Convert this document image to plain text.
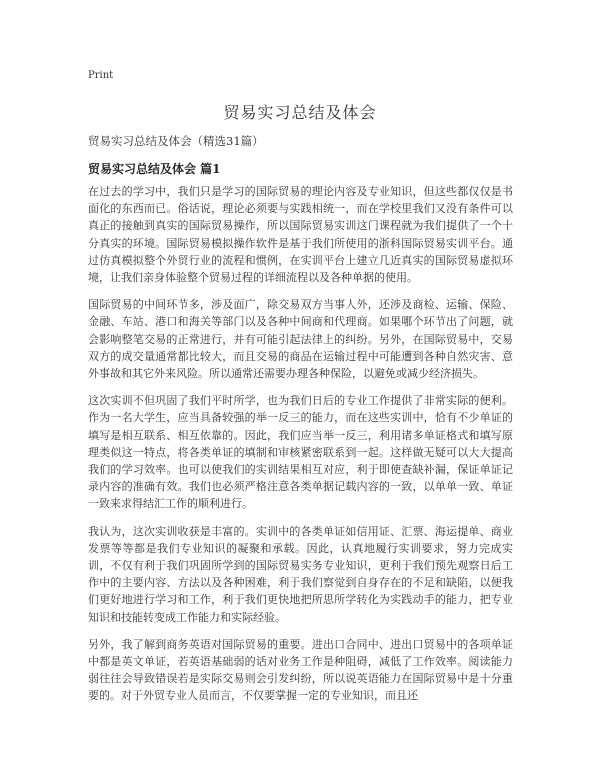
Print
贸易实习总结及体会
贸易实习总结及体会（精选31篇）
贸易实习总结及体会 篇1

在过去的学习中，我们只是学习的国际贸易的理论内容及专业知识，但这些都仅仅是书面化的东西而已。俗话说，理论必须要与实践相统一，而在学校里我们又没有条件可以真正的接触到真实的国际贸易操作，所以国际贸易实训这门课程就为我们提供了一个十分真实的环境。国际贸易模拟操作软件是基于我们所使用的浙科国际贸易实训平台。通过仿真模拟整个外贸行业的流程和惯例，在实训平台上建立几近真实的国际贸易虚拟环境，让我们亲身体验整个贸易过程的详细流程以及各种单据的使用。

国际贸易的中间环节多，涉及面广，除交易双方当事人外，还涉及商检、运输、保险、金融、车站、港口和海关等部门以及各种中间商和代理商。如果哪个环节出了问题，就会影响整笔交易的正常进行，并有可能引起法律上的纠纷。另外，在国际贸易中，交易双方的成交量通常都比较大，而且交易的商品在运输过程中可能遭到各种自然灾害、意外事故和其它外来风险。所以通常还需要办理各种保险，以避免或减少经济损失。

这次实训不但巩固了我们平时所学，也为我们日后的专业工作提供了非常实际的便利。作为一名大学生，应当具备较强的举一反三的能力，而在这些实训中，恰有不少单证的填写是相互联系、相互依靠的。因此，我们应当举一反三，利用诸多单证格式和填写原理类似这一特点，将各类单证的填制和审核紧密联系到一起。这样做无疑可以大大提高我们的学习效率。也可以使我们的实训结果相互对应，利于即使查缺补漏，保证单证记录内容的准确有效。我们也必须严格注意各类单据记载内容的一致，以单单一致、单证一致来求得结汇工作的顺利进行。

我认为，这次实训收获是丰富的。实训中的各类单证如信用证、汇票、海运提单、商业发票等等都是我们专业知识的凝聚和承载。因此，认真地履行实训要求，努力完成实训，不仅有利于我们巩固所学到的国际贸易实务专业知识，更利于我们预先观察日后工作中的主要内容、方法以及各种困难，利于我们察觉到自身存在的不足和缺陷，以便我们更好地进行学习和工作，利于我们更快地把所思所学转化为实践动手的能力，把专业知识和技能转变成工作能力和实际经验。

另外，我了解到商务英语对国际贸易的重要。进出口合同中、进出口贸易中的各项单证中都是英文单证，若英语基础弱的话对业务工作是种阻碍，减低了工作效率。阅读能力弱往往会导致错误若是实际交易则会引发纠纷，所以说英语能力在国际贸易中是十分重要的。对于外贸专业人员而言，不仅要掌握一定的专业知识，而且还
